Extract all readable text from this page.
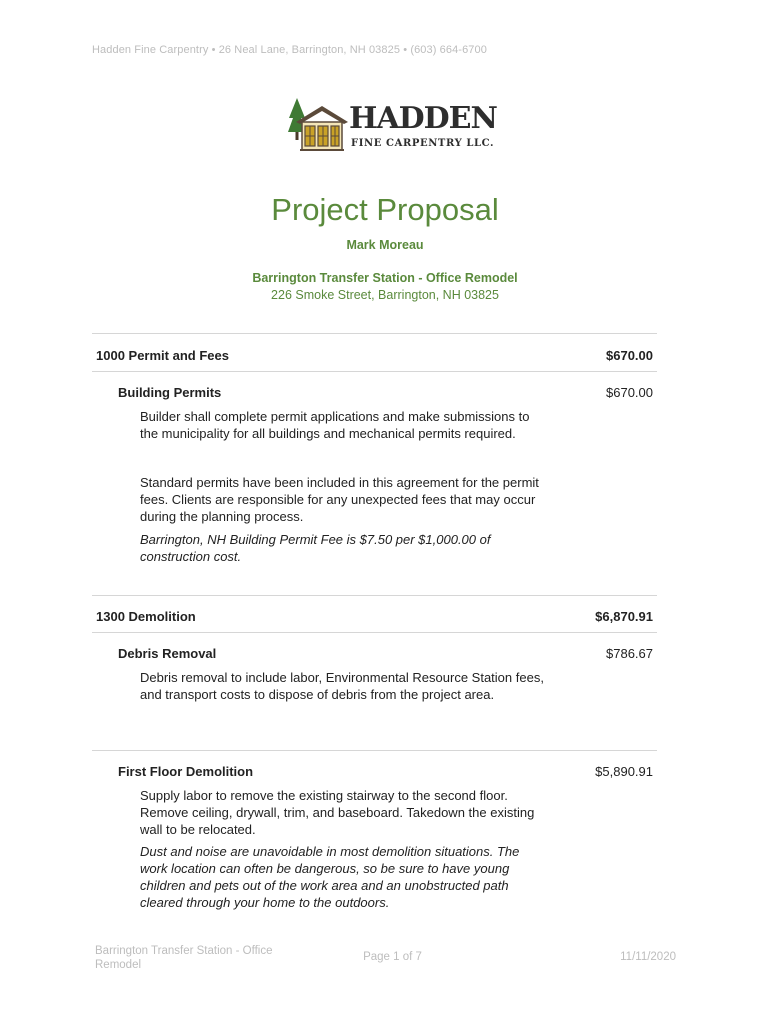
Hadden Fine Carpentry • 26 Neal Lane, Barrington, NH 03825 • (603) 664-6700
HADDEN
FINE CARPENTRY LLC.
Project Proposal
Mark Moreau
Barrington Transfer Station - Office Remodel
226 Smoke Street, Barrington, NH 03825
1000 Permit and Fees	$670.00
Building Permits	$670.00

Builder shall complete permit applications and make submissions to the municipality for all buildings and mechanical permits required.

Standard permits have been included in this agreement for the permit fees. Clients are responsible for any unexpected fees that may occur during the planning process.

Barrington, NH Building Permit Fee is $7.50 per $1,000.00 of construction cost.

1300 Demolition	$6,870.91
Debris Removal	$786.67

Debris removal to include labor, Environmental Resource Station fees, and transport costs to dispose of debris from the project area.

First Floor Demolition	$5,890.91

Supply labor to remove the existing stairway to the second floor. Remove ceiling, drywall, trim, and baseboard. Takedown the existing wall to be relocated.

Dust and noise are unavoidable in most demolition situations. The work location can often be dangerous, so be sure to have young children and pets out of the work area and an unobstructed path cleared through your home to the outdoors.

Barrington Transfer Station - Office Remodel
Page 1 of 7	11/11/2020
